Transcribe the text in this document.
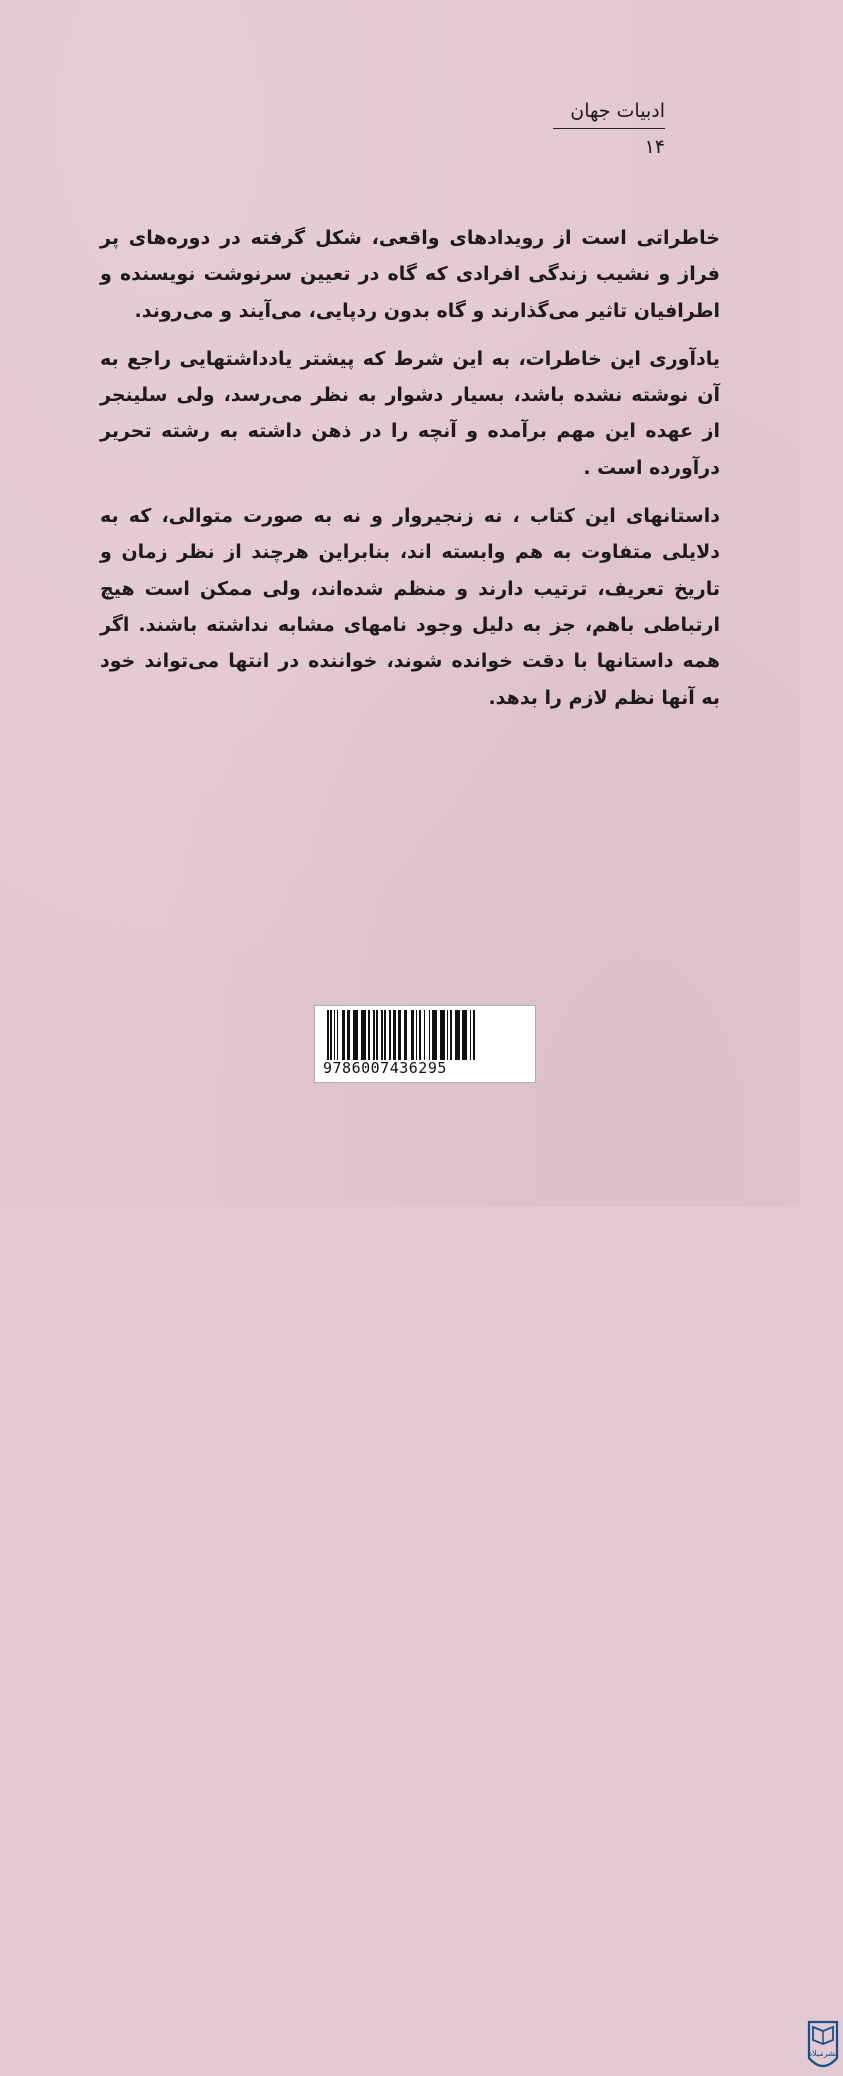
ادبیات جهان
۱۴

خاطراتی است از رویدادهای واقعی، شکل گرفته در دوره‌های پر فراز و نشیب زندگی افرادی که گاه در تعیین سرنوشت نویسنده و اطرافیان تاثیر می‌گذارند و گاه بدون ردپایی، می‌آیند و می‌روند.

یادآوری این خاطرات، به این شرط که پیشتر یادداشتهایی راجع به آن نوشته نشده باشد، بسیار دشوار به نظر می‌رسد، ولی سلینجر از عهده این مهم برآمده و آنچه را در ذهن داشته به رشته تحریر درآورده است .

داستانهای این کتاب ، نه زنجیروار و نه به صورت متوالی، که به دلایلی متفاوت به هم وابسته اند، بنابراین هرچند از نظر زمان و تاریخ تعریف، ترتیب دارند و منظم شده‌اند، ولی ممکن است هیچ ارتباطی باهم، جز به دلیل وجود نامهای مشابه نداشته باشند. اگر همه داستانها با دقت خوانده شوند، خواننده در انتها می‌تواند خود به آنها نظم لازم را بدهد.

9786007436295
نشرمیلاد
